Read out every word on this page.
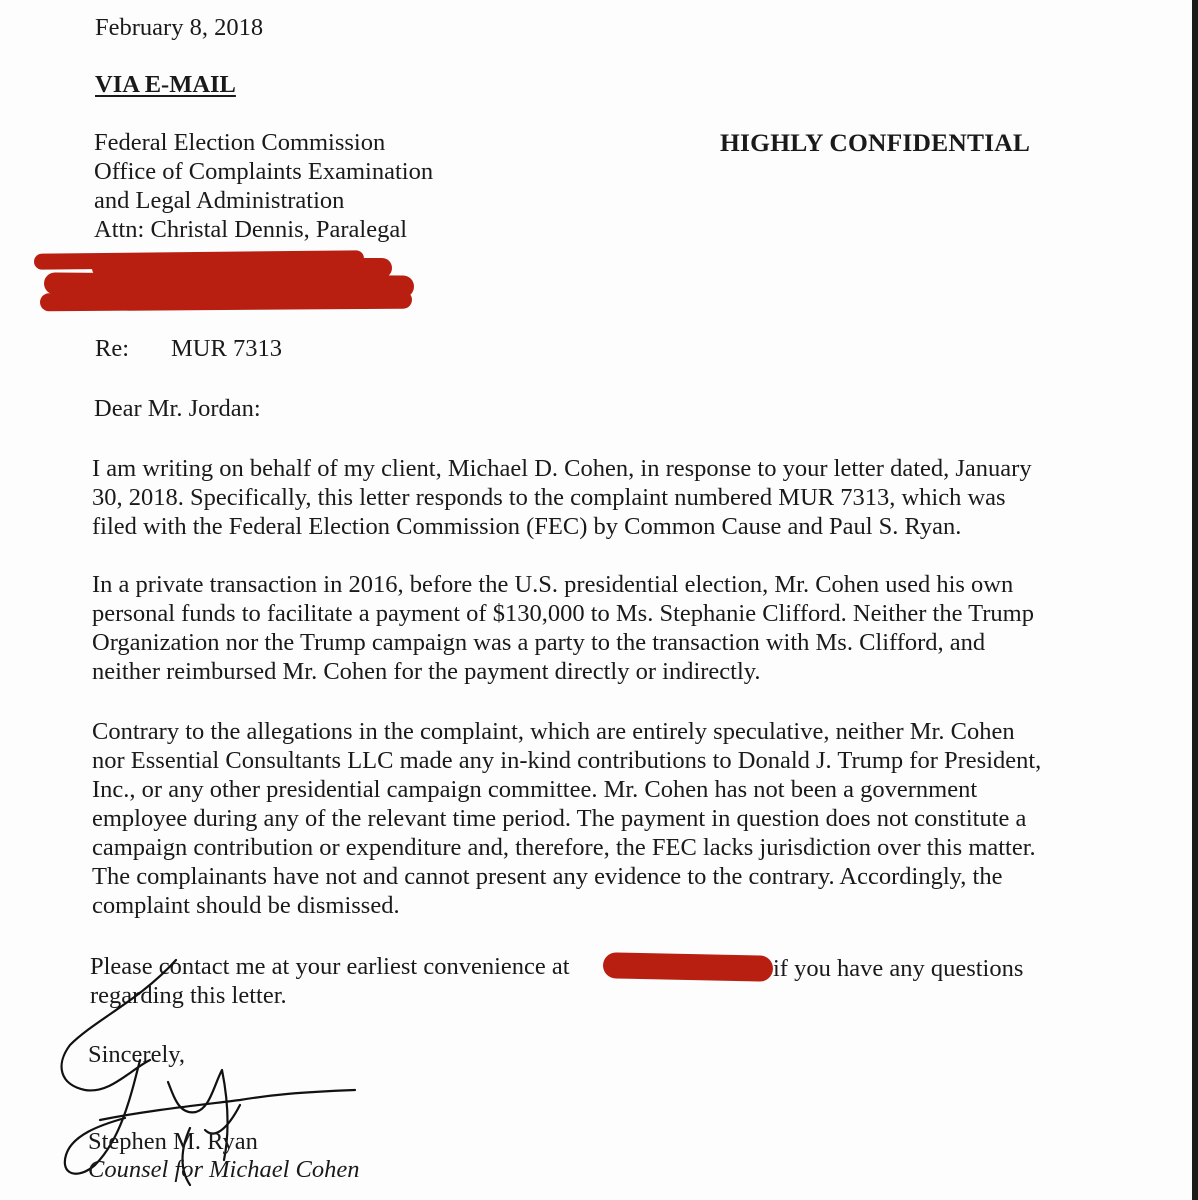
February 8, 2018

VIA E-MAIL

HIGHLY CONFIDENTIAL

Federal Election Commission

Office of Complaints Examination

and Legal Administration

Attn: Christal Dennis, Paralegal

Re: MUR 7313

Dear Mr. Jordan:

I am writing on behalf of my client, Michael D. Cohen, in response to your letter dated, January

30, 2018. Specifically, this letter responds to the complaint numbered MUR 7313, which was

filed with the Federal Election Commission (FEC) by Common Cause and Paul S. Ryan.

In a private transaction in 2016, before the U.S. presidential election, Mr. Cohen used his own

personal funds to facilitate a payment of $130,000 to Ms. Stephanie Clifford. Neither the Trump

Organization nor the Trump campaign was a party to the transaction with Ms. Clifford, and

neither reimbursed Mr. Cohen for the payment directly or indirectly.

Contrary to the allegations in the complaint, which are entirely speculative, neither Mr. Cohen

nor Essential Consultants LLC made any in-kind contributions to Donald J. Trump for President,

Inc., or any other presidential campaign committee. Mr. Cohen has not been a government

employee during any of the relevant time period. The payment in question does not constitute a

campaign contribution or expenditure and, therefore, the FEC lacks jurisdiction over this matter.

The complainants have not and cannot present any evidence to the contrary. Accordingly, the

complaint should be dismissed.

Please contact me at your earliest convenience at	if you have any questions

regarding this letter.

Sincerely,

Stephen M. Ryan

Counsel for Michael Cohen
